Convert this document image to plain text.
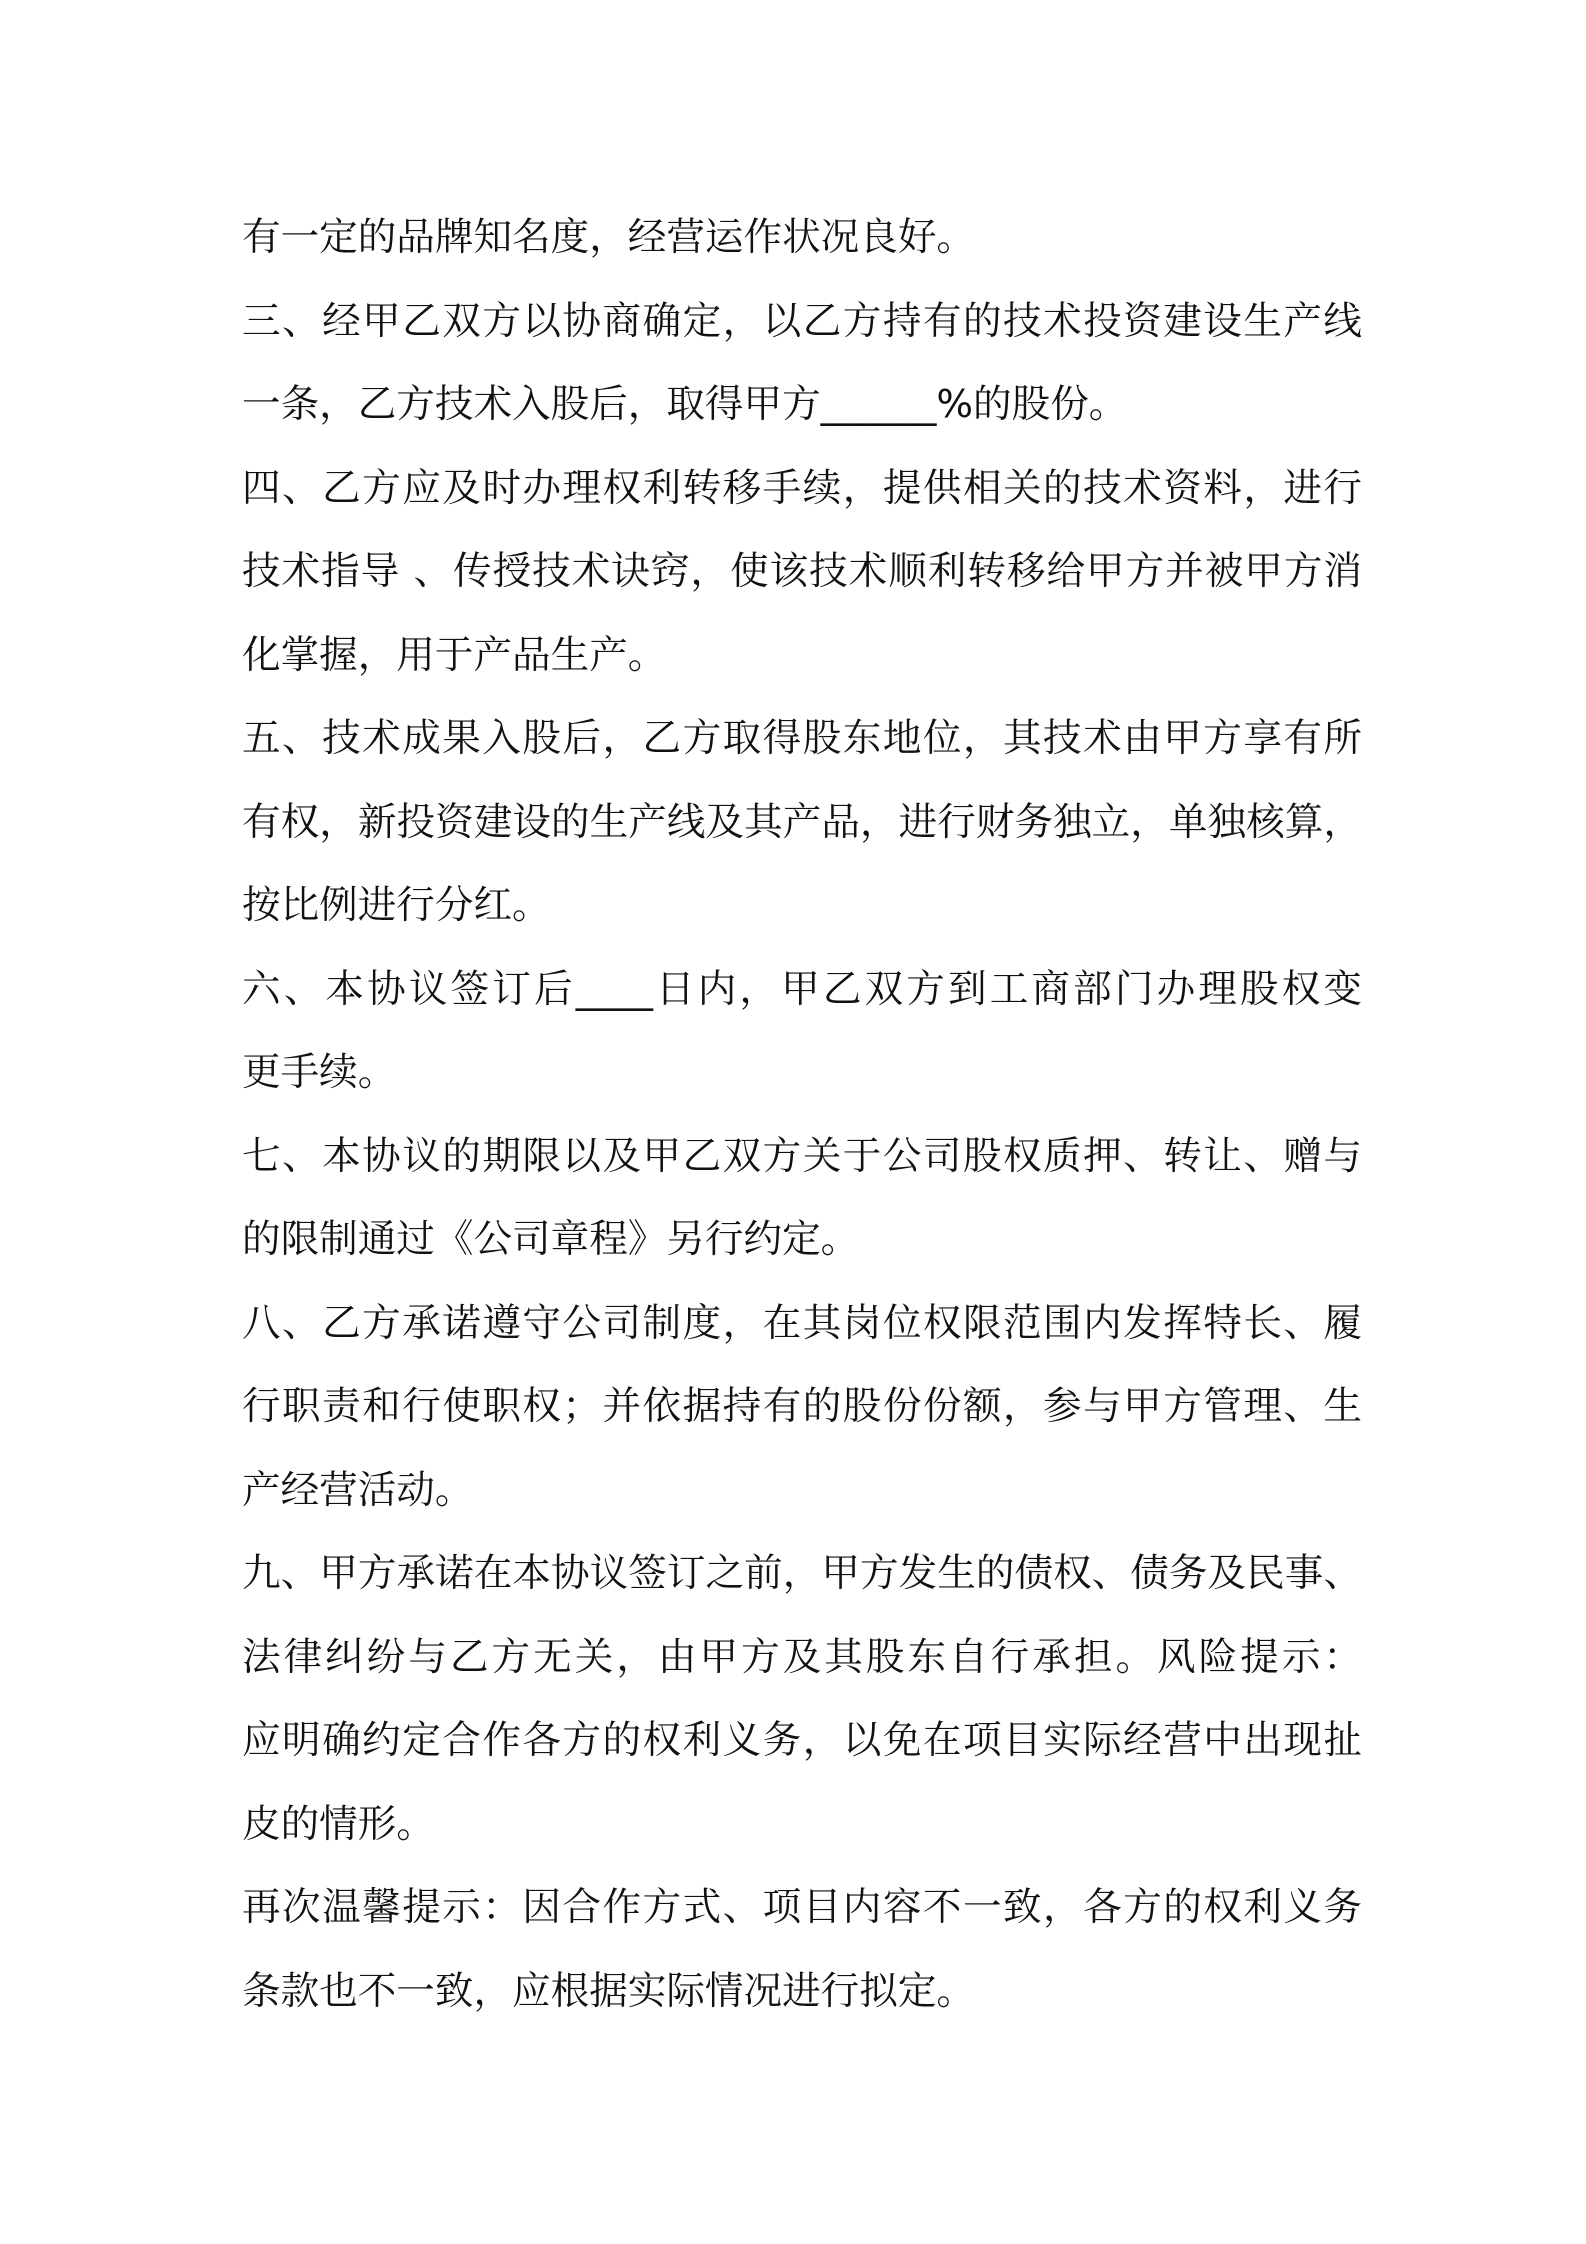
有一定的品牌知名度，经营运作状况良好。
三、经甲乙双方以协商确定，以乙方持有的技术投资建设生产线
一条，乙方技术入股后，取得甲方______%的股份。
四、乙方应及时办理权利转移手续，提供相关的技术资料，进行
技术指导 、传授技术诀窍，使该技术顺利转移给甲方并被甲方消
化掌握，用于产品生产。
五、技术成果入股后，乙方取得股东地位，其技术由甲方享有所
有权，新投资建设的生产线及其产品，进行财务独立，单独核算，
按比例进行分红。
六、本协议签订后____日内，甲乙双方到工商部门办理股权变
更手续。
七、本协议的期限以及甲乙双方关于公司股权质押、转让、赠与
的限制通过《公司章程》另行约定。
八、乙方承诺遵守公司制度，在其岗位权限范围内发挥特长、履
行职责和行使职权；并依据持有的股份份额，参与甲方管理、生
产经营活动。
九、甲方承诺在本协议签订之前，甲方发生的债权、债务及民事、
法律纠纷与乙方无关，由甲方及其股东自行承担。风险提示：
应明确约定合作各方的权利义务，以免在项目实际经营中出现扯
皮的情形。
再次温馨提示：因合作方式、项目内容不一致，各方的权利义务
条款也不一致，应根据实际情况进行拟定。
